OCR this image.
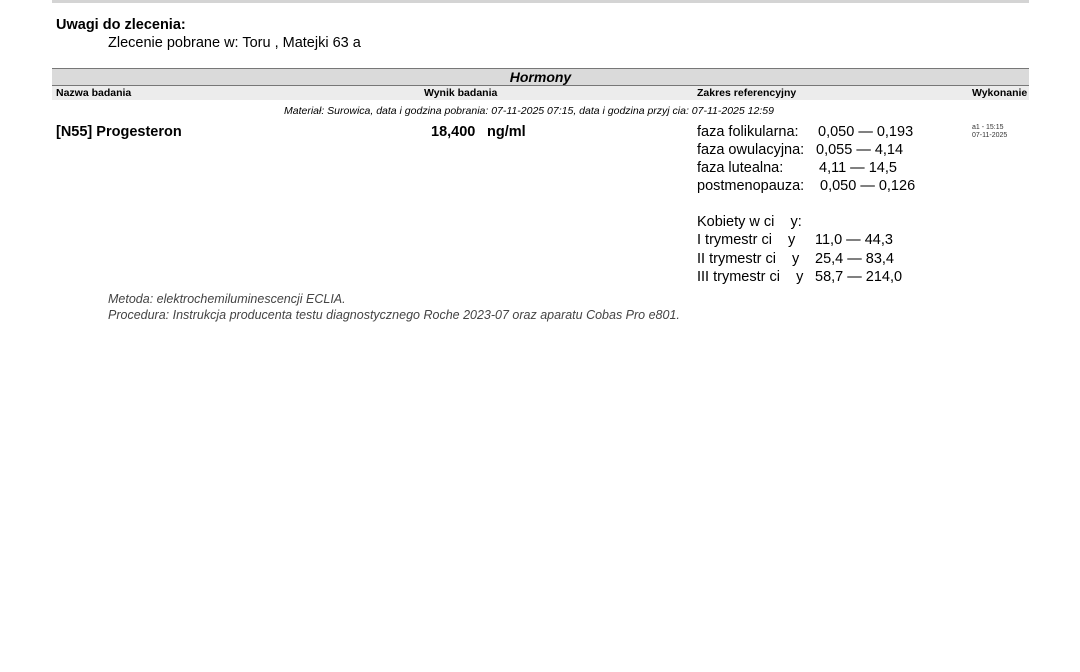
Uwagi do zlecenia:
Zlecenie pobrane w: Toru , Matejki 63 a
Hormony
Nazwa badania	Wynik badania	Zakres referencyjny	Wykonanie
Materiał: Surowica, data i godzina pobrania: 07-11-2025 07:15, data i godzina przyj cia: 07-11-2025 12:59
[N55] Progesteron	18,400 ng/ml	faza folikularna: 0,050 — 0,193
faza owulacyjna: 0,055 — 4,14
faza lutealna: 4,11 — 14,5
postmenopauza: 0,050 — 0,126
Kobiety w ci    y:
I trymestr ci    y 11,0 — 44,3
II trymestr ci    y 25,4 — 83,4
III trymestr ci    y 58,7 — 214,0
a1 - 15:15
07-11-2025
Metoda: elektrochemiluminescencji ECLIA.
Procedura: Instrukcja producenta testu diagnostycznego Roche 2023-07 oraz aparatu Cobas Pro e801.
